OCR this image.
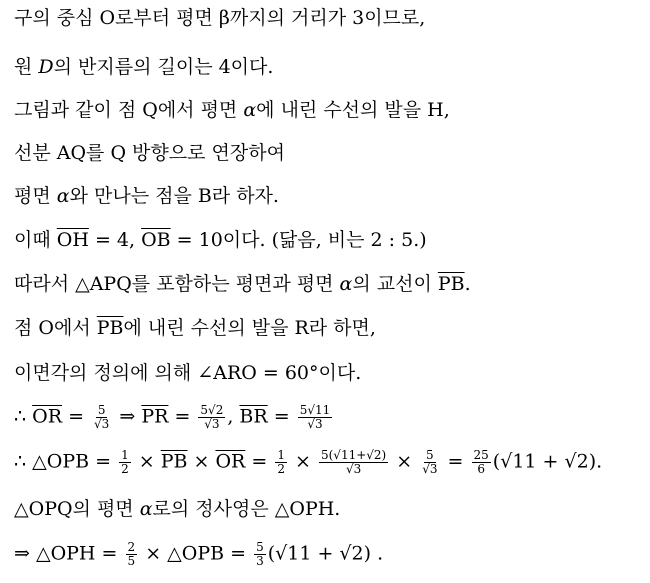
구의 중심 O로부터 평면 β까지의 거리가 3이므로,
원 D의 반지름의 길이는 4이다.
그림과 같이 점 Q에서 평면 α에 내린 수선의 발을 H,
선분 AQ를 Q 방향으로 연장하여
평면 α와 만나는 점을 B라 하자.
이때 $\overline{OH} = 4$, $\overline{OB} = 10$이다. (닮음, 비는 2 : 5.)
따라서 △APQ를 포함하는 평면과 평면 α의 교선이 $\overline{PB}$.
점 O에서 $\overline{PB}$에 내린 수선의 발을 R라 하면,
이면각의 정의에 의해 ∠ARO = 60°이다.
∴ $\overline{OR} = \frac{5}{√3}$ ⇒ $\overline{PR} = \frac{5√2}{√3}$ , $\overline{BR} = \frac{5√11}{√3}$
∴ △OPB = $\frac{1}{2} \times \overline{PB} \times \overline{OR} = \frac{1}{2} \times \frac{5(√11+√2)}{√3} \times \frac{5}{√3} = \frac{25}{6} (√11 + √2)$.
△OPQ의 평면 α로의 정사영은 △OPH.
⇒ △OPH = $\frac{2}{5}$ × △OPB = $\frac{5}{3} (√11 + √2)$ .
